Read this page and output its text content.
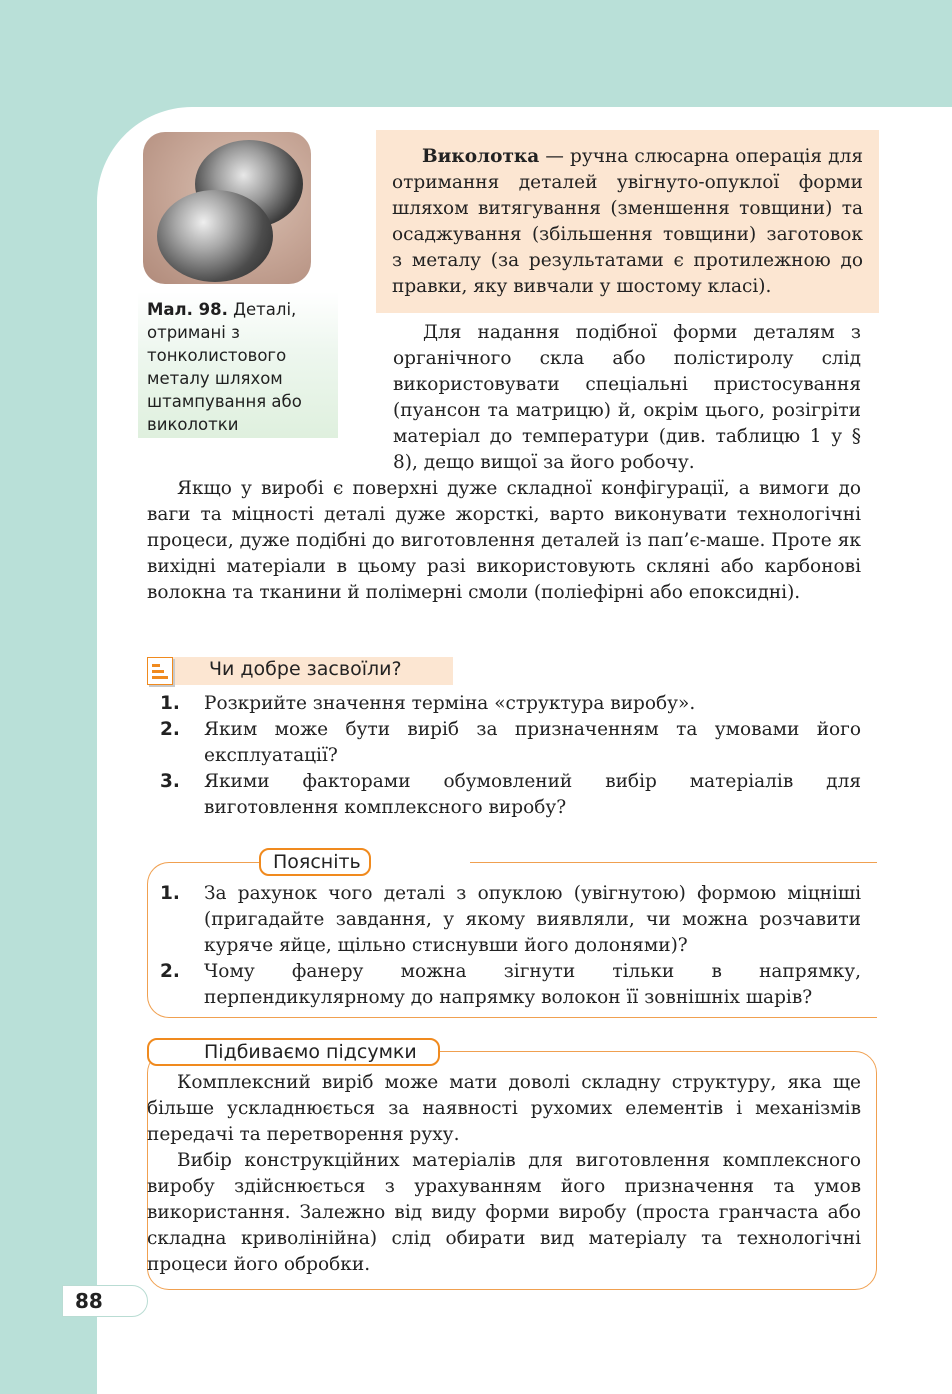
Мал. 98. Деталі, отримані з тонколистового металу шляхом штампування або виколотки

Виколотка — ручна слюсарна операція для отримання деталей увігнуто-опуклої форми шляхом витягування (зменшення товщини) та осаджування (збільшення товщини) заготовок з металу (за результатами є протилежною до правки, яку вивчали у шостому класі).

Для надання подібної форми деталям з органічного скла або полістиролу слід використовувати спеціальні пристосування (пуансон та матрицю) й, окрім цього, розігріти матеріал до температури (див. таблицю 1 у § 8), дещо вищої за його робочу.

Якщо у виробі є поверхні дуже складної конфігурації, а вимоги до ваги та міцності деталі дуже жорсткі, варто виконувати технологічні процеси, дуже подібні до виготовлення деталей із пап’є-маше. Проте як вихідні матеріали в цьому разі використовують скляні або карбонові волокна та тканини й полімерні смоли (поліефірні або епоксидні).

Чи добре засвоїли?
1. Розкрийте значення терміна «структура виробу».
2. Яким може бути виріб за призначенням та умовами його експлуатації?
3. Якими факторами обумовлений вибір матеріалів для виготовлення комплексного виробу?
Поясніть
1. За рахунок чого деталі з опуклою (увігнутою) формою міцніші (пригадайте завдання, у якому виявляли, чи можна розчавити куряче яйце, щільно стиснувши його долонями)?
2. Чому фанеру можна зігнути тільки в напрямку, перпендикулярному до напрямку волокон її зовнішніх шарів?
Підбиваємо підсумки

Комплексний виріб може мати доволі складну структуру, яка ще більше ускладнюється за наявності рухомих елементів і механізмів передачі та перетворення руху.

Вибір конструкційних матеріалів для виготовлення комплексного виробу здійснюється з урахуванням його призначення та умов використання. Залежно від виду форми виробу (проста гранчаста або складна криволінійна) слід обирати вид матеріалу та технологічні процеси його обробки.

88
